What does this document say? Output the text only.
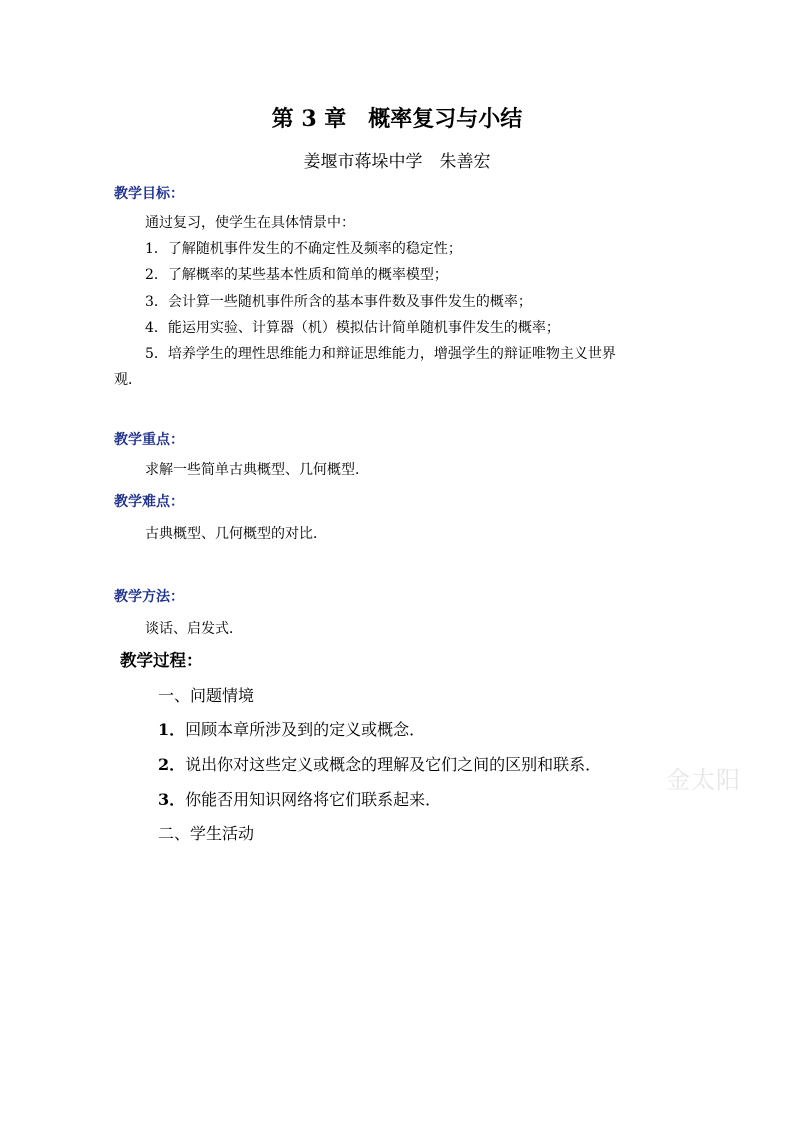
第 3 章　概率复习与小结
姜堰市蒋垛中学　朱善宏
教学目标：
通过复习，使学生在具体情景中：
1．了解随机事件发生的不确定性及频率的稳定性；
2．了解概率的某些基本性质和简单的概率模型；
3．会计算一些随机事件所含的基本事件数及事件发生的概率；
4．能运用实验、计算器（机）模拟估计简单随机事件发生的概率；
5．培养学生的理性思维能力和辩证思维能力，增强学生的辩证唯物主义世界
观．
教学重点：
求解一些简单古典概型、几何概型．
教学难点：
古典概型、几何概型的对比．
教学方法：
谈话、启发式．
教学过程：
一、问题情境
1．回顾本章所涉及到的定义或概念．
2．说出你对这些定义或概念的理解及它们之间的区别和联系．
3．你能否用知识网络将它们联系起来．
二、学生活动
金太阳
